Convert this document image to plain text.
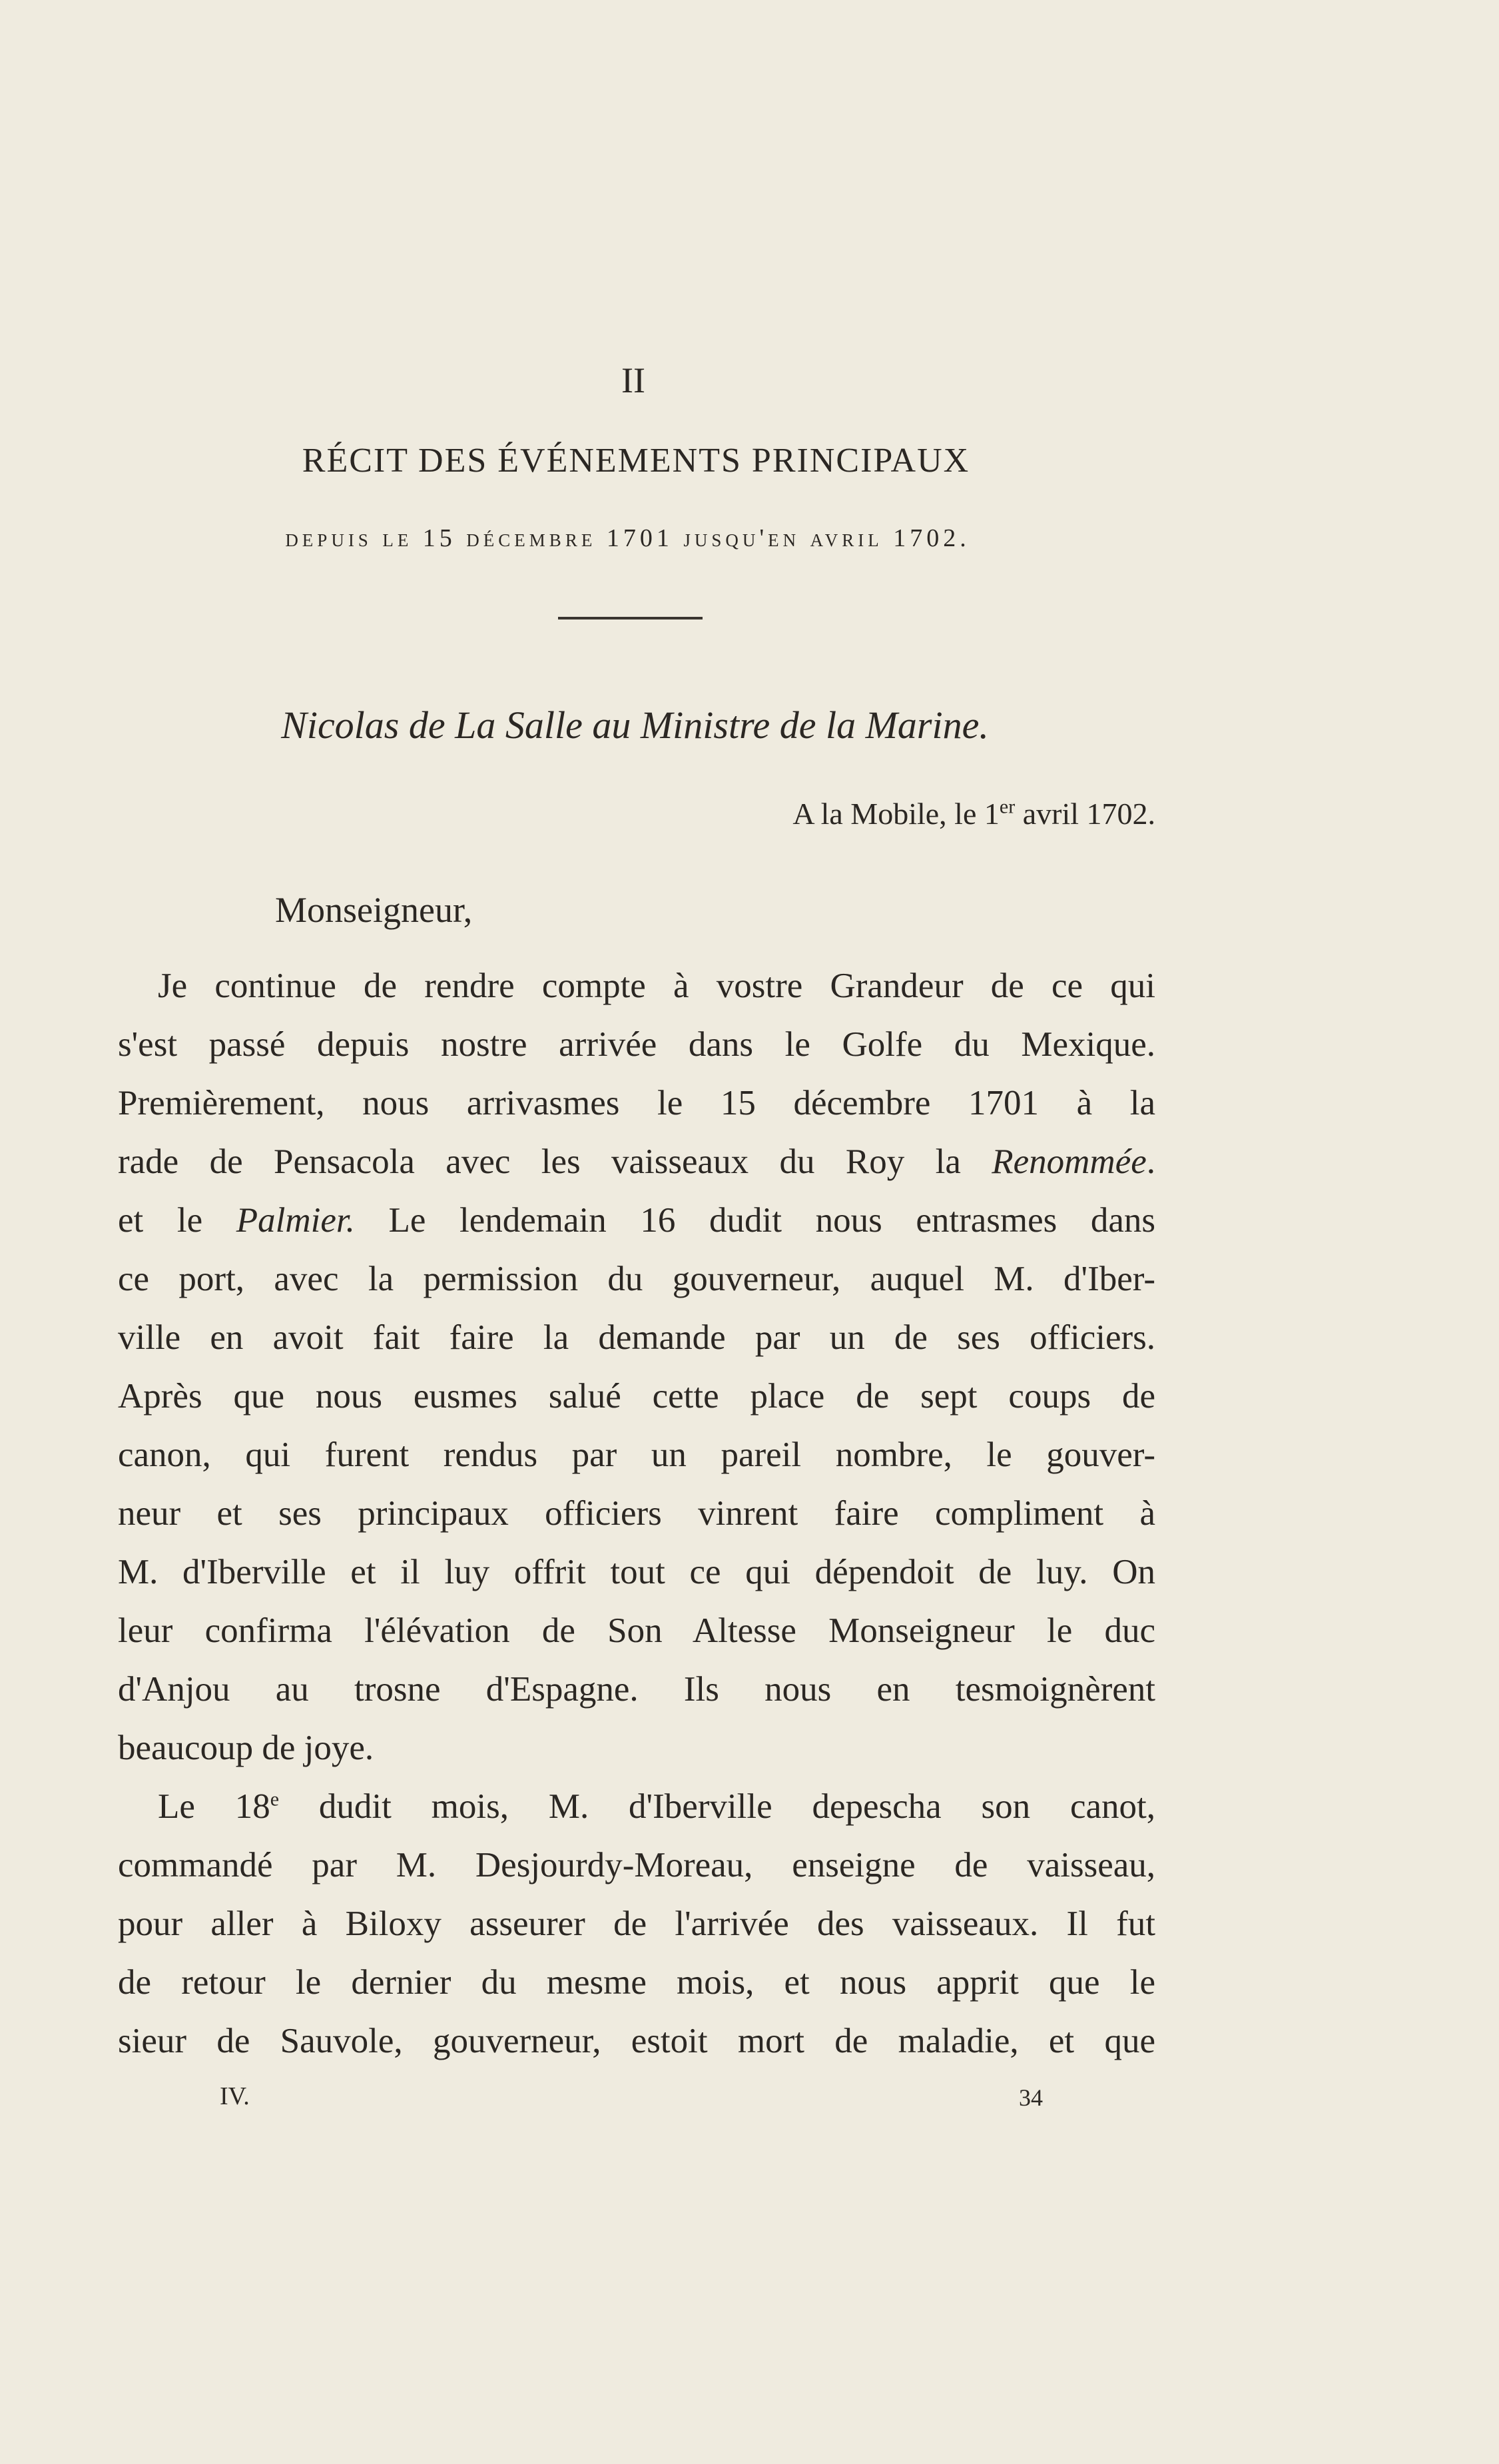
II
RÉCIT DES ÉVÉNEMENTS PRINCIPAUX
depuis le 15 décembre 1701 jusqu'en avril 1702.
Nicolas de La Salle au Ministre de la Marine.
A la Mobile, le 1er avril 1702.
Monseigneur,
Je continue de rendre compte à vostre Grandeur de ce qui
s'est passé depuis nostre arrivée dans le Golfe du Mexique.
Premièrement, nous arrivasmes le 15 décembre 1701 à la
rade de Pensacola avec les vaisseaux du Roy la Renommée.
et le Palmier. Le lendemain 16 dudit nous entrasmes dans
ce port, avec la permission du gouverneur, auquel M. d'Iber-
ville en avoit fait faire la demande par un de ses officiers.
Après que nous eusmes salué cette place de sept coups de
canon, qui furent rendus par un pareil nombre, le gouver-
neur et ses principaux officiers vinrent faire compliment à
M. d'Iberville et il luy offrit tout ce qui dépendoit de luy. On
leur confirma l'élévation de Son Altesse Monseigneur le duc
d'Anjou au trosne d'Espagne. Ils nous en tesmoignèrent
beaucoup de joye.
Le 18e dudit mois, M. d'Iberville depescha son canot,
commandé par M. Desjourdy-Moreau, enseigne de vaisseau,
pour aller à Biloxy asseurer de l'arrivée des vaisseaux. Il fut
de retour le dernier du mesme mois, et nous apprit que le
sieur de Sauvole, gouverneur, estoit mort de maladie, et que
IV.	34
